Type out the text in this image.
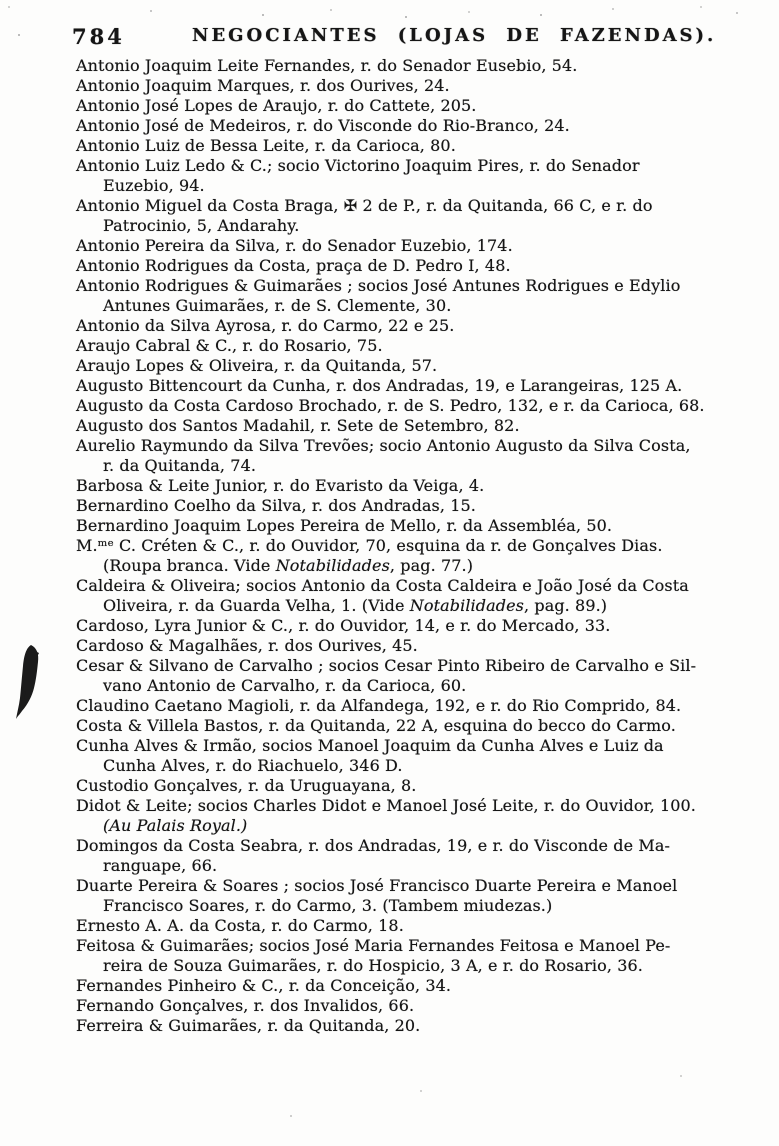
784	NEGOCIANTES (LOJAS DE FAZENDAS).
Antonio Joaquim Leite Fernandes, r. do Senador Eusebio, 54.
Antonio Joaquim Marques, r. dos Ourives, 24.
Antonio José Lopes de Araujo, r. do Cattete, 205.
Antonio José de Medeiros, r. do Visconde do Rio-Branco, 24.
Antonio Luiz de Bessa Leite, r. da Carioca, 80.
Antonio Luiz Ledo & C.; socio Victorino Joaquim Pires, r. do Senador
Euzebio, 94.
Antonio Miguel da Costa Braga, ✠ 2 de P., r. da Quitanda, 66 C, e r. do
Patrocinio, 5, Andarahy.
Antonio Pereira da Silva, r. do Senador Euzebio, 174.
Antonio Rodrigues da Costa, praça de D. Pedro I, 48.
Antonio Rodrigues & Guimarães ; socios José Antunes Rodrigues e Edylio
Antunes Guimarães, r. de S. Clemente, 30.
Antonio da Silva Ayrosa, r. do Carmo, 22 e 25.
Araujo Cabral & C., r. do Rosario, 75.
Araujo Lopes & Oliveira, r. da Quitanda, 57.
Augusto Bittencourt da Cunha, r. dos Andradas, 19, e Larangeiras, 125 A.
Augusto da Costa Cardoso Brochado, r. de S. Pedro, 132, e r. da Carioca, 68.
Augusto dos Santos Madahil, r. Sete de Setembro, 82.
Aurelio Raymundo da Silva Trevões; socio Antonio Augusto da Silva Costa,
r. da Quitanda, 74.
Barbosa & Leite Junior, r. do Evaristo da Veiga, 4.
Bernardino Coelho da Silva, r. dos Andradas, 15.
Bernardino Joaquim Lopes Pereira de Mello, r. da Assembléa, 50.
M.ᵐᵉ C. Créten & C., r. do Ouvidor, 70, esquina da r. de Gonçalves Dias.
(Roupa branca. Vide Notabilidades, pag. 77.)
Caldeira & Oliveira; socios Antonio da Costa Caldeira e João José da Costa
Oliveira, r. da Guarda Velha, 1. (Vide Notabilidades, pag. 89.)
Cardoso, Lyra Junior & C., r. do Ouvidor, 14, e r. do Mercado, 33.
Cardoso & Magalhães, r. dos Ourives, 45.
Cesar & Silvano de Carvalho ; socios Cesar Pinto Ribeiro de Carvalho e Sil-
vano Antonio de Carvalho, r. da Carioca, 60.
Claudino Caetano Magioli, r. da Alfandega, 192, e r. do Rio Comprido, 84.
Costa & Villela Bastos, r. da Quitanda, 22 A, esquina do becco do Carmo.
Cunha Alves & Irmão, socios Manoel Joaquim da Cunha Alves e Luiz da
Cunha Alves, r. do Riachuelo, 346 D.
Custodio Gonçalves, r. da Uruguayana, 8.
Didot & Leite; socios Charles Didot e Manoel José Leite, r. do Ouvidor, 100.
(Au Palais Royal.)
Domingos da Costa Seabra, r. dos Andradas, 19, e r. do Visconde de Ma-
ranguape, 66.
Duarte Pereira & Soares ; socios José Francisco Duarte Pereira e Manoel
Francisco Soares, r. do Carmo, 3. (Tambem miudezas.)
Ernesto A. A. da Costa, r. do Carmo, 18.
Feitosa & Guimarães; socios José Maria Fernandes Feitosa e Manoel Pe-
reira de Souza Guimarães, r. do Hospicio, 3 A, e r. do Rosario, 36.
Fernandes Pinheiro & C., r. da Conceição, 34.
Fernando Gonçalves, r. dos Invalidos, 66.
Ferreira & Guimarães, r. da Quitanda, 20.
